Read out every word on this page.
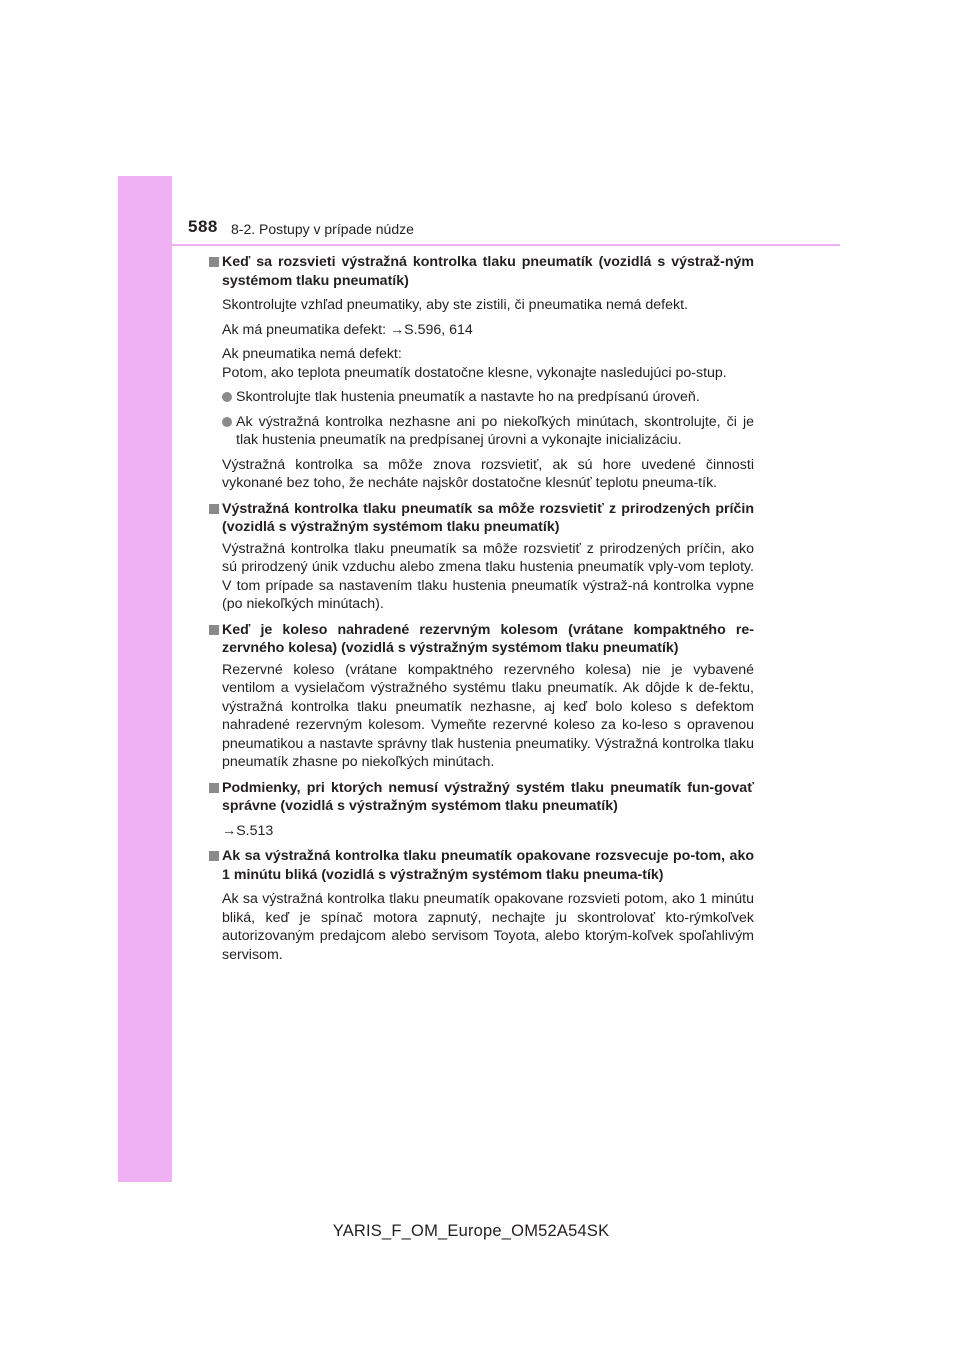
588 8-2. Postupy v prípade núdze
Keď sa rozsvieti výstražná kontrolka tlaku pneumatík (vozidlá s výstraž-ným systémom tlaku pneumatík)
Skontrolujte vzhľad pneumatiky, aby ste zistili, či pneumatika nemá defekt.
Ak má pneumatika defekt: →S.596, 614
Ak pneumatika nemá defekt:
Potom, ako teplota pneumatík dostatočne klesne, vykonajte nasledujúci po-stup.
Skontrolujte tlak hustenia pneumatík a nastavte ho na predpísanú úroveň.
Ak výstražná kontrolka nezhasne ani po niekoľkých minútach, skontrolujte, či je tlak hustenia pneumatík na predpísanej úrovni a vykonajte inicializáciu.
Výstražná kontrolka sa môže znova rozsvietiť, ak sú hore uvedené činnosti vykonané bez toho, že necháte najskôr dostatočne klesnúť teplotu pneuma-tík.
Výstražná kontrolka tlaku pneumatík sa môže rozsvietiť z prirodzených príčin (vozidlá s výstražným systémom tlaku pneumatík)
Výstražná kontrolka tlaku pneumatík sa môže rozsvietiť z prirodzených príčin, ako sú prirodzený únik vzduchu alebo zmena tlaku hustenia pneumatík vply-vom teploty. V tom prípade sa nastavením tlaku hustenia pneumatík výstraž-ná kontrolka vypne (po niekoľkých minútach).
Keď je koleso nahradené rezervným kolesom (vrátane kompaktného re-zervného kolesa) (vozidlá s výstražným systémom tlaku pneumatík)
Rezervné koleso (vrátane kompaktného rezervného kolesa) nie je vybavené ventilom a vysielačom výstražného systému tlaku pneumatík. Ak dôjde k de-fektu, výstražná kontrolka tlaku pneumatík nezhasne, aj keď bolo koleso s defektom nahradené rezervným kolesom. Vymeňte rezervné koleso za ko-leso s opravenou pneumatikou a nastavte správny tlak hustenia pneumatiky. Výstražná kontrolka tlaku pneumatík zhasne po niekoľkých minútach.
Podmienky, pri ktorých nemusí výstražný systém tlaku pneumatík fun-govať správne (vozidlá s výstražným systémom tlaku pneumatík)
→S.513
Ak sa výstražná kontrolka tlaku pneumatík opakovane rozsvecuje po-tom, ako 1 minútu bliká (vozidlá s výstražným systémom tlaku pneuma-tík)
Ak sa výstražná kontrolka tlaku pneumatík opakovane rozsvieti potom, ako 1 minútu bliká, keď je spínač motora zapnutý, nechajte ju skontrolovať kto-rýmkoľvek autorizovaným predajcom alebo servisom Toyota, alebo ktorým-koľvek spoľahlivým servisom.
YARIS_F_OM_Europe_OM52A54SK
